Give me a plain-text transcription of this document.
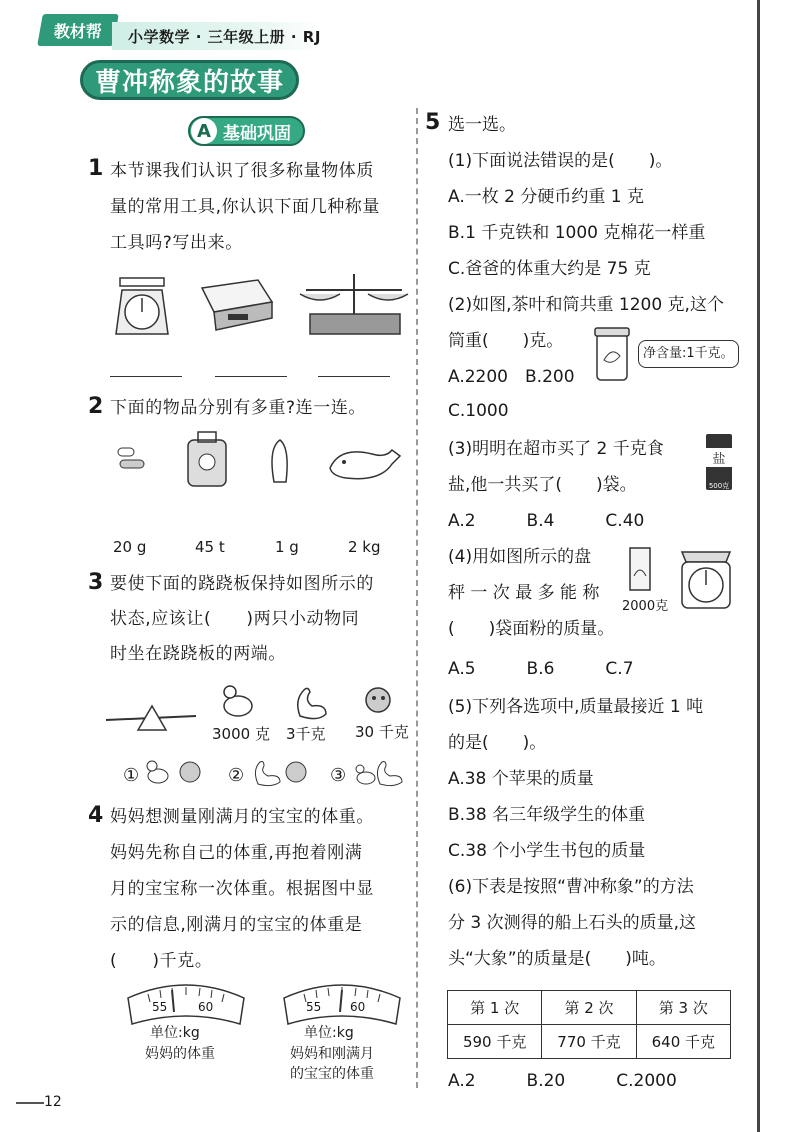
教材帮 小学数学 · 三年级上册 · RJ
曹冲称象的故事
A 基础巩固
1 本节课我们认识了很多称量物体质
量的常用工具,你认识下面几种称量
工具吗?写出来。
2 下面的物品分别有多重?连一连。
20 g	45 t	1 g	2 kg
3 要使下面的跷跷板保持如图所示的
状态,应该让(　　)两只小动物同
时坐在跷跷板的两端。
3000 克 3千克 30 千克
①	②	③
4 妈妈想测量刚满月的宝宝的体重。
妈妈先称自己的体重,再抱着刚满
月的宝宝称一次体重。根据图中显
示的信息,刚满月的宝宝的体重是
(　　)千克。
55	60
单位:kg
妈妈的体重
55 60
单位:kg
妈妈和刚满月
的宝宝的体重
5 选一选。
(1)下面说法错误的是(　　)。
A.一枚 2 分硬币约重 1 克
B.1 千克铁和 1000 克棉花一样重
C.爸爸的体重大约是 75 克
(2)如图,茶叶和筒共重 1200 克,这个
筒重(　　)克。
净含量:1千克。
A.2200　B.200
C.1000
(3)明明在超市买了 2 千克食
盐,他一共买了(　　)袋。
盐
500克
A.2　　　B.4　　　C.40
(4)用如图所示的盘
秤 一 次 最 多 能 称
(　　)袋面粉的质量。
2000克
A.5　　　B.6　　　C.7
(5)下列各选项中,质量最接近 1 吨
的是(　　)。
A.38 个苹果的质量
B.38 名三年级学生的体重
C.38 个小学生书包的质量
(6)下表是按照“曹冲称象”的方法
分 3 次测得的船上石头的质量,这
头“大象”的质量是(　　)吨。
第 1 次	第 2 次	第 3 次
590 千克	770 千克	640 千克
A.2　　　B.20　　　C.2000
12
